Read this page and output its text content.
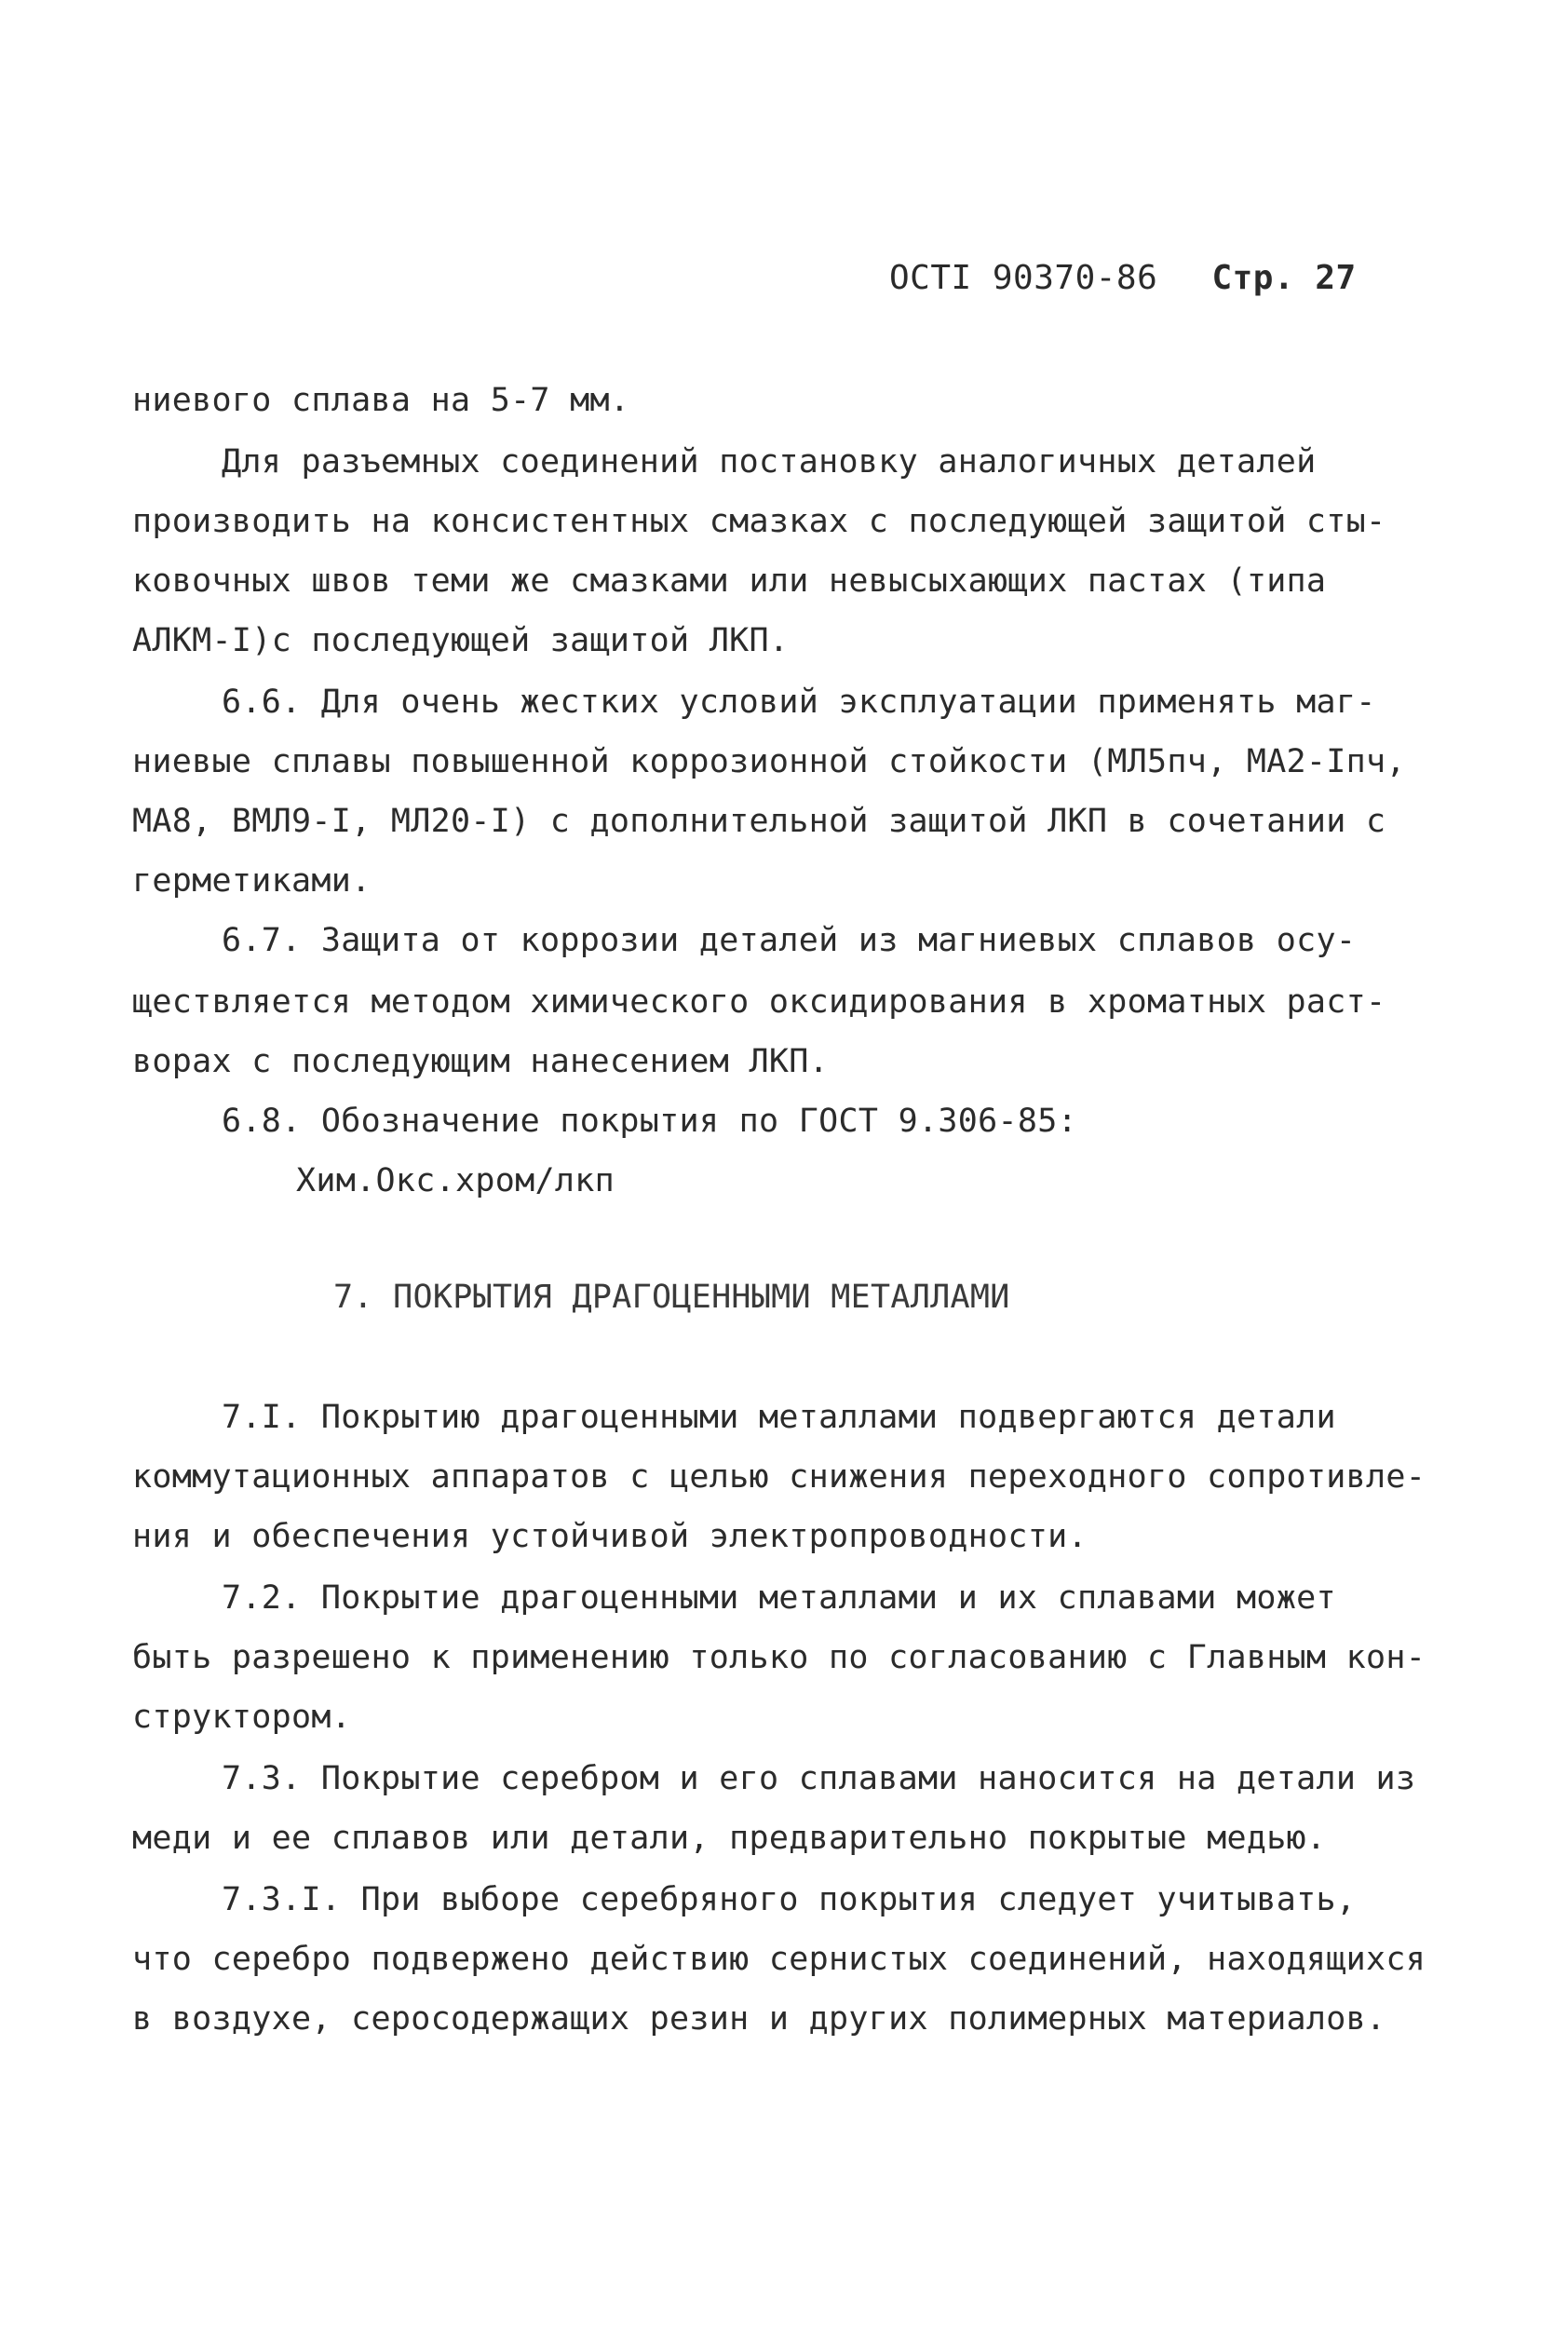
ОСТI 90370-86 Стр. 27
ниевого сплава на 5-7 мм.
Для разъемных соединений постановку аналогичных деталей
производить на консистентных смазках с последующей защитой сты-
ковочных швов теми же смазками или невысыхающих пастах (типа
АЛКМ-I)с последующей защитой ЛКП.
6.6. Для очень жестких условий эксплуатации применять маг-
ниевые сплавы повышенной коррозионной стойкости (МЛ5пч, МА2-Iпч,
МА8, ВМЛ9-I, МЛ20-I) с дополнительной защитой ЛКП в сочетании с
герметиками.
6.7. Защита от коррозии деталей из магниевых сплавов осу-
ществляется методом химического оксидирования в хроматных раст-
ворах с последующим нанесением ЛКП.
6.8. Обозначение покрытия по ГОСТ 9.306-85:
Хим.Окс.хром/лкп
7. ПОКРЫТИЯ ДРАГОЦЕННЫМИ МЕТАЛЛАМИ
7.I. Покрытию драгоценными металлами подвергаются детали
коммутационных аппаратов с целью снижения переходного сопротивле-
ния и обеспечения устойчивой электропроводности.
7.2. Покрытие драгоценными металлами и их сплавами может
быть разрешено к применению только по согласованию с Главным кон-
структором.
7.3. Покрытие серебром и его сплавами наносится на детали из
меди и ее сплавов или детали, предварительно покрытые медью.
7.3.I. При выборе серебряного покрытия следует учитывать,
что серебро подвержено действию сернистых соединений, находящихся
в воздухе, серосодержащих резин и других полимерных материалов.
